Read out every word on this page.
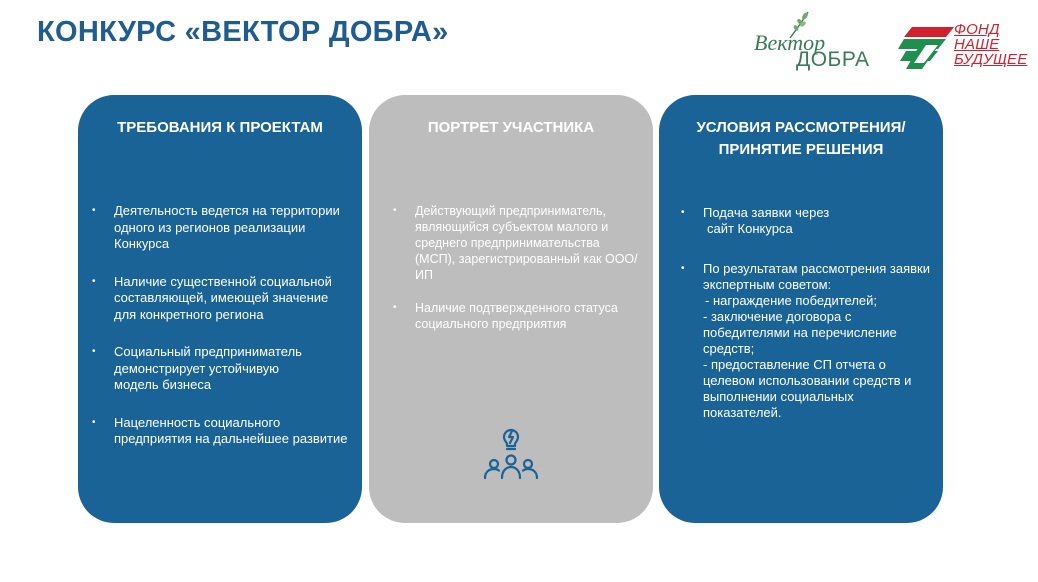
КОНКУРС «ВЕКТОР ДОБРА»	Вектор
ДОБРА
ФОНД
НАШЕ
БУДУЩЕЕ
ТРЕБОВАНИЯ К ПРОЕКТАМ
• Деятельность ведется на территории одного из регионов реализации Конкурса
• Наличие существенной социальной составляющей, имеющей значение для конкретного региона
• Социальный предприниматель демонстрирует устойчивую
модель бизнеса
• Нацеленность социального предприятия на дальнейшее развитие
ПОРТРЕТ УЧАСТНИКА
• Действующий предприниматель, являющийся субъектом малого и среднего предпринимательства (МСП), зарегистрированный как ООО/ИП
• Наличие подтвержденного статуса социального предприятия
УСЛОВИЯ РАССМОТРЕНИЯ/
ПРИНЯТИЕ РЕШЕНИЯ
• Подача заявки через
сайт Конкурса
• По результатам рассмотрения заявки экспертным советом:
- награждение победителей;
- заключение договора с победителями на перечисление средств;
- предоставление СП отчета о целевом использовании средств и выполнении социальных показателей.
